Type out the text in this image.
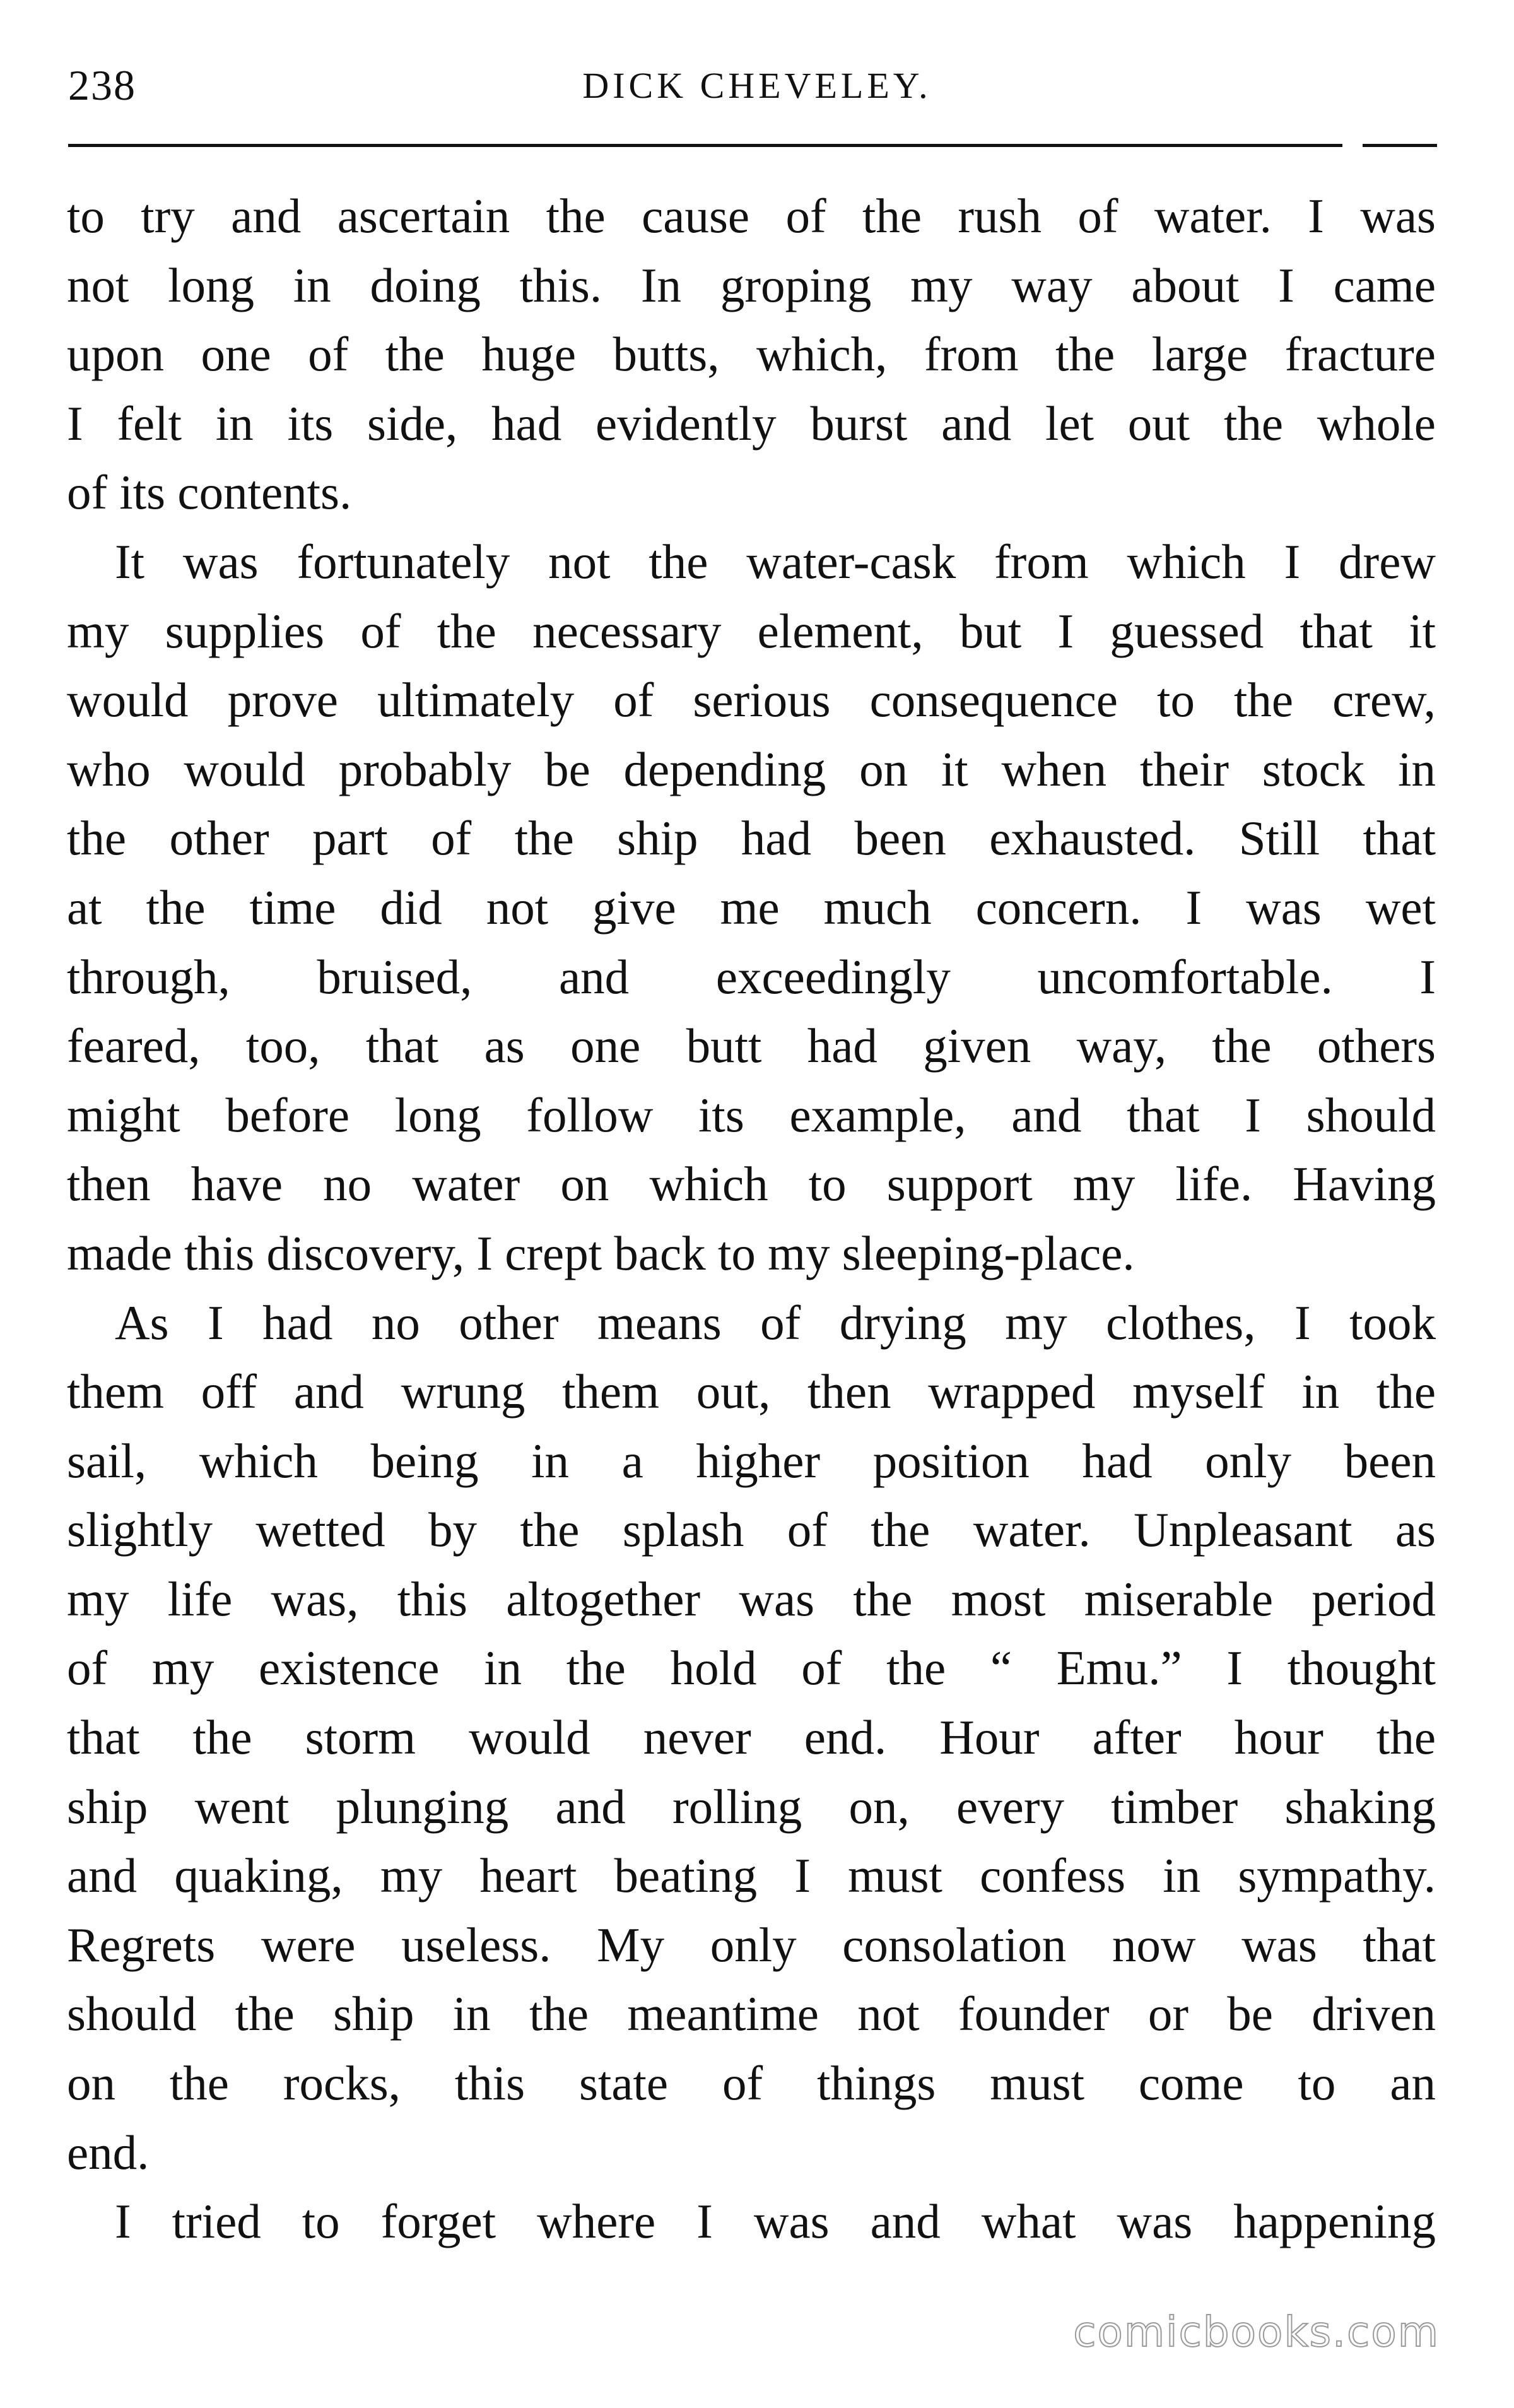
238	DICK CHEVELEY.
to try and ascertain the cause of the rush of water. I was
not long in doing this. In groping my way about I came
upon one of the huge butts, which, from the large fracture
I felt in its side, had evidently burst and let out the whole
of its contents.
It was fortunately not the water-cask from which I drew
my supplies of the necessary element, but I guessed that it
would prove ultimately of serious consequence to the crew,
who would probably be depending on it when their stock in
the other part of the ship had been exhausted. Still that
at the time did not give me much concern. I was wet
through, bruised, and exceedingly uncomfortable. I
feared, too, that as one butt had given way, the others
might before long follow its example, and that I should
then have no water on which to support my life. Having
made this discovery, I crept back to my sleeping-place.
As I had no other means of drying my clothes, I took
them off and wrung them out, then wrapped myself in the
sail, which being in a higher position had only been
slightly wetted by the splash of the water. Unpleasant as
my life was, this altogether was the most miserable period
of my existence in the hold of the “ Emu.” I thought
that the storm would never end. Hour after hour the
ship went plunging and rolling on, every timber shaking
and quaking, my heart beating I must confess in sympathy.
Regrets were useless. My only consolation now was that
should the ship in the meantime not founder or be driven
on the rocks, this state of things must come to an
end.
I tried to forget where I was and what was happening
comicbooks.com
